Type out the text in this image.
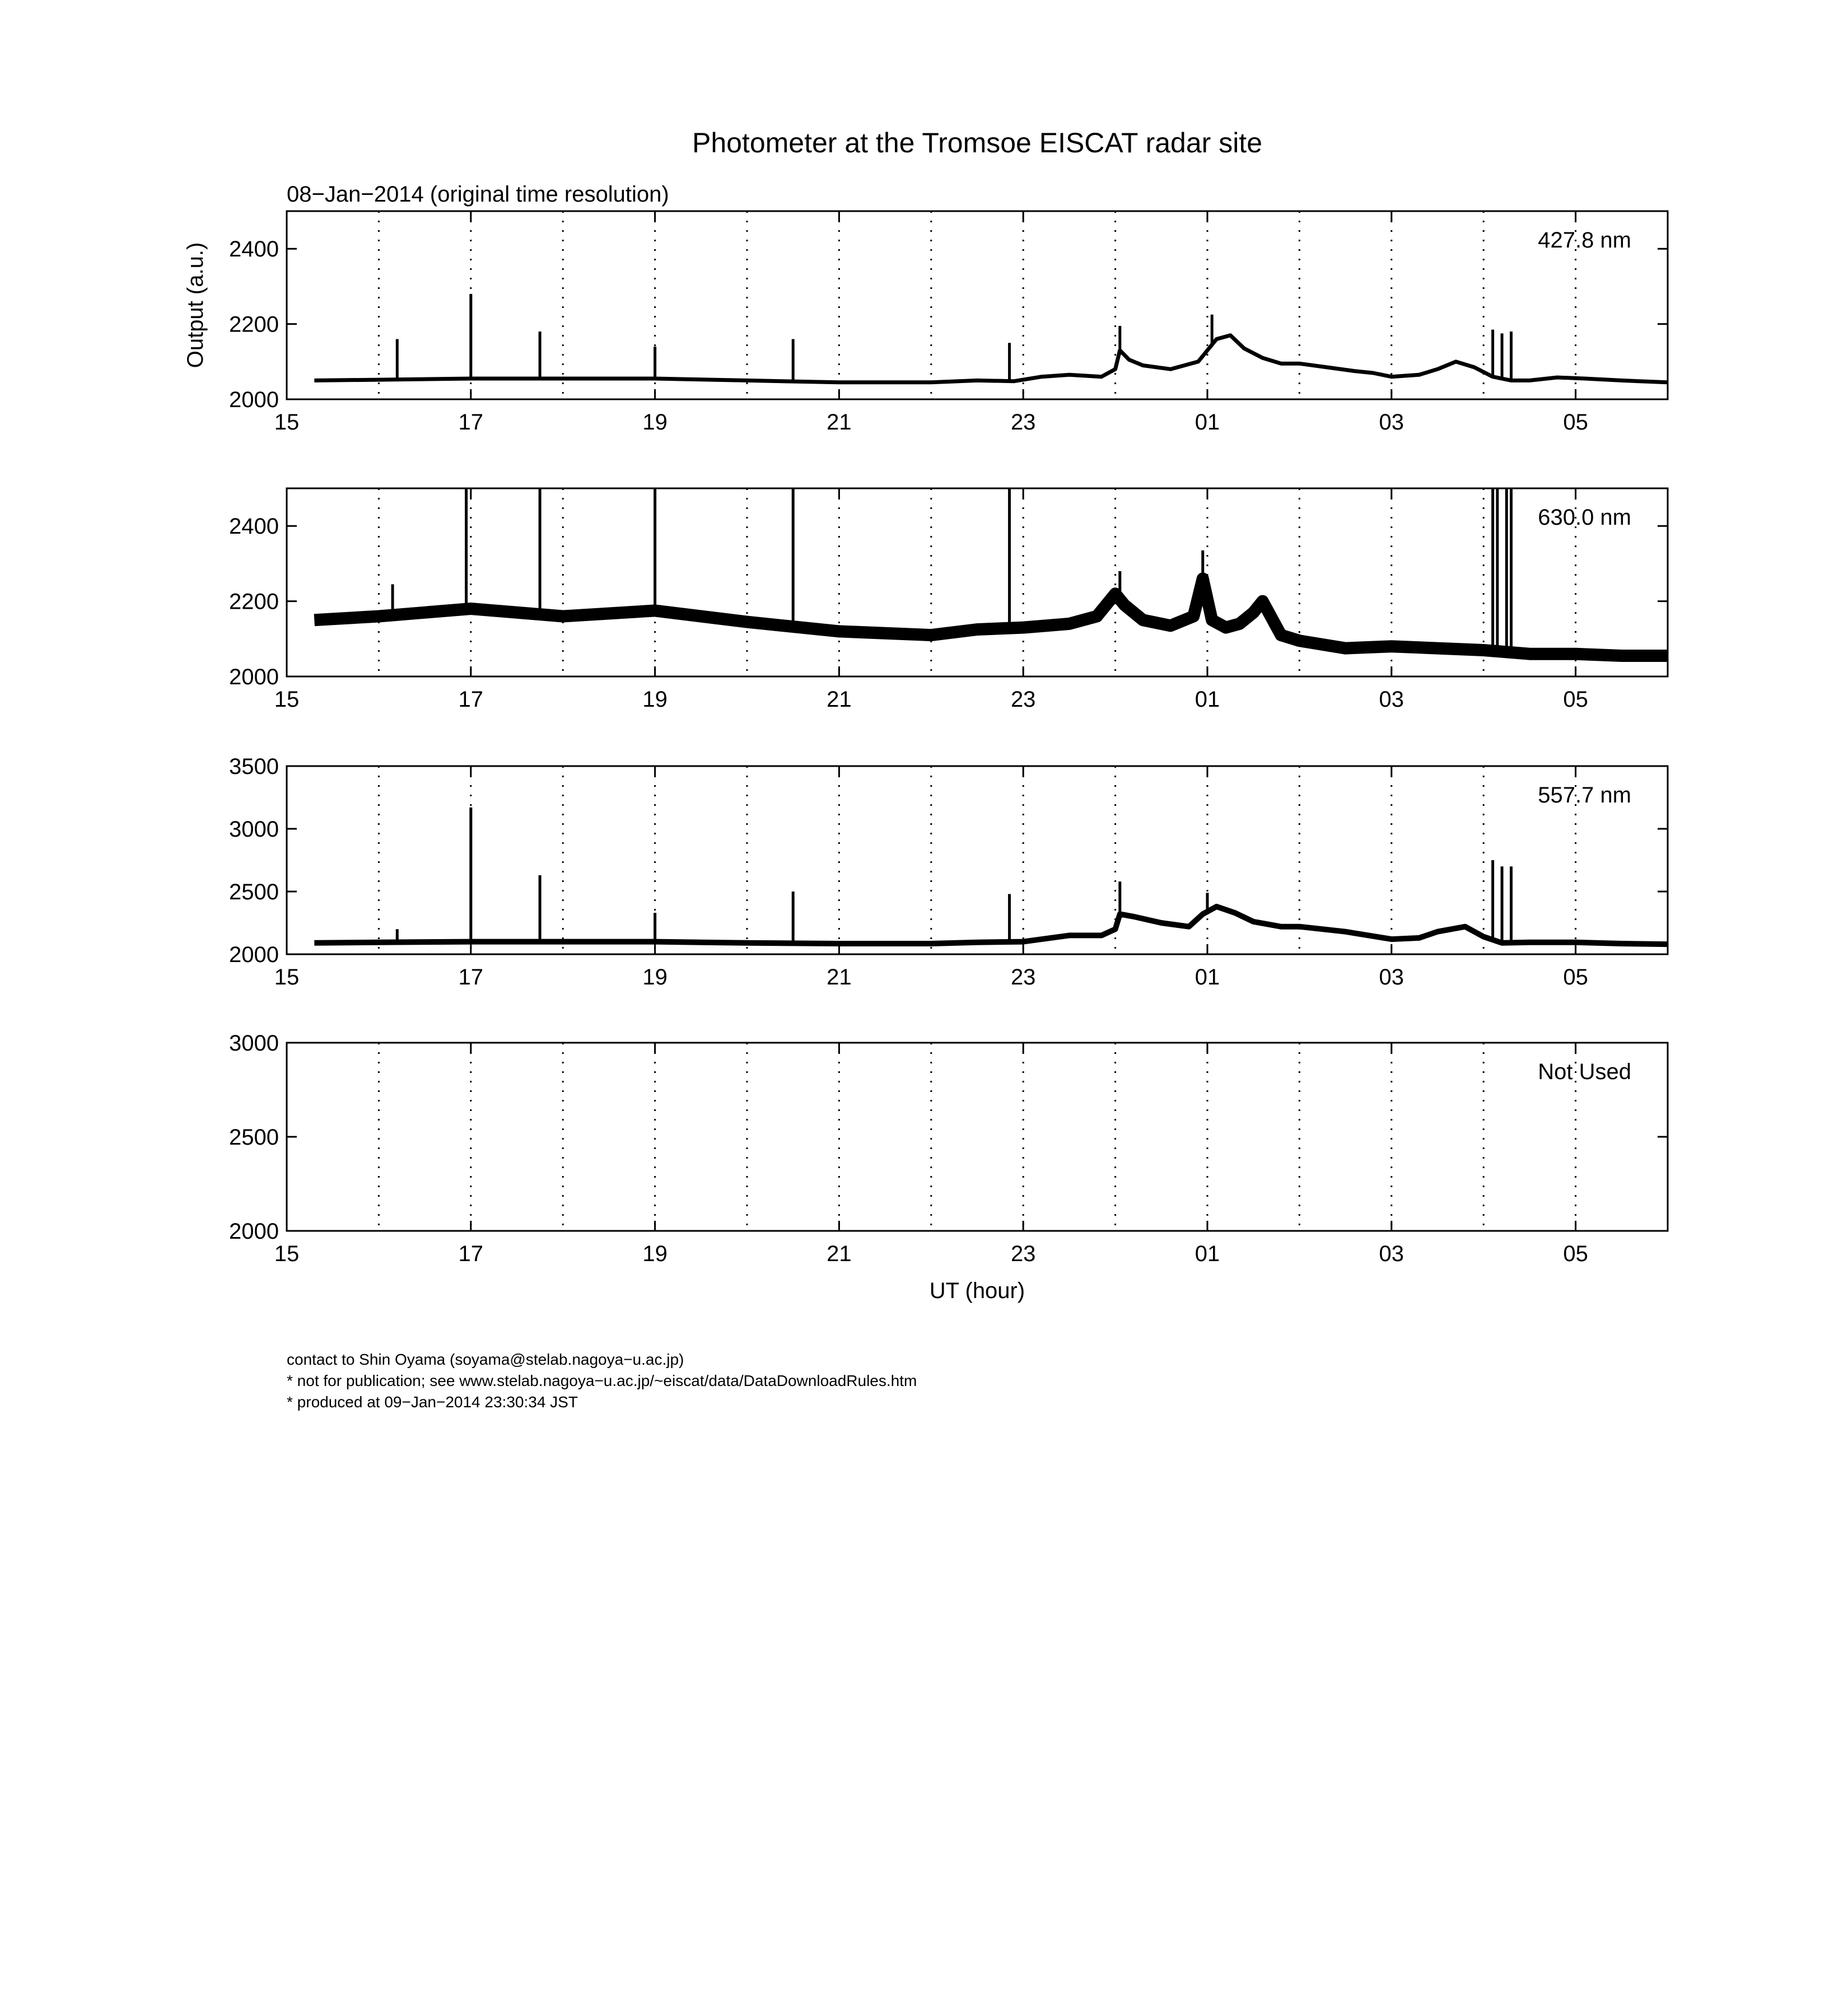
Photometer at the Tromsoe EISCAT radar site
08−Jan−2014 (original time resolution)
Output (a.u.)
UT (hour)
2000
2200
2400
15	17	19	21	23	01	03	05
427.8 nm
2000
2200
2400
15	17	19	21	23	01	03	05
630.0 nm
2000
2500
3000
3500
15	17	19	21	23	01	03	05
557.7 nm
2000
2500
3000
15	17	19	21	23	01	03	05
Not Used
contact to Shin Oyama (soyama@stelab.nagoya−u.ac.jp)
* not for publication; see www.stelab.nagoya−u.ac.jp/~eiscat/data/DataDownloadRules.htm
* produced at 09−Jan−2014 23:30:34 JST
